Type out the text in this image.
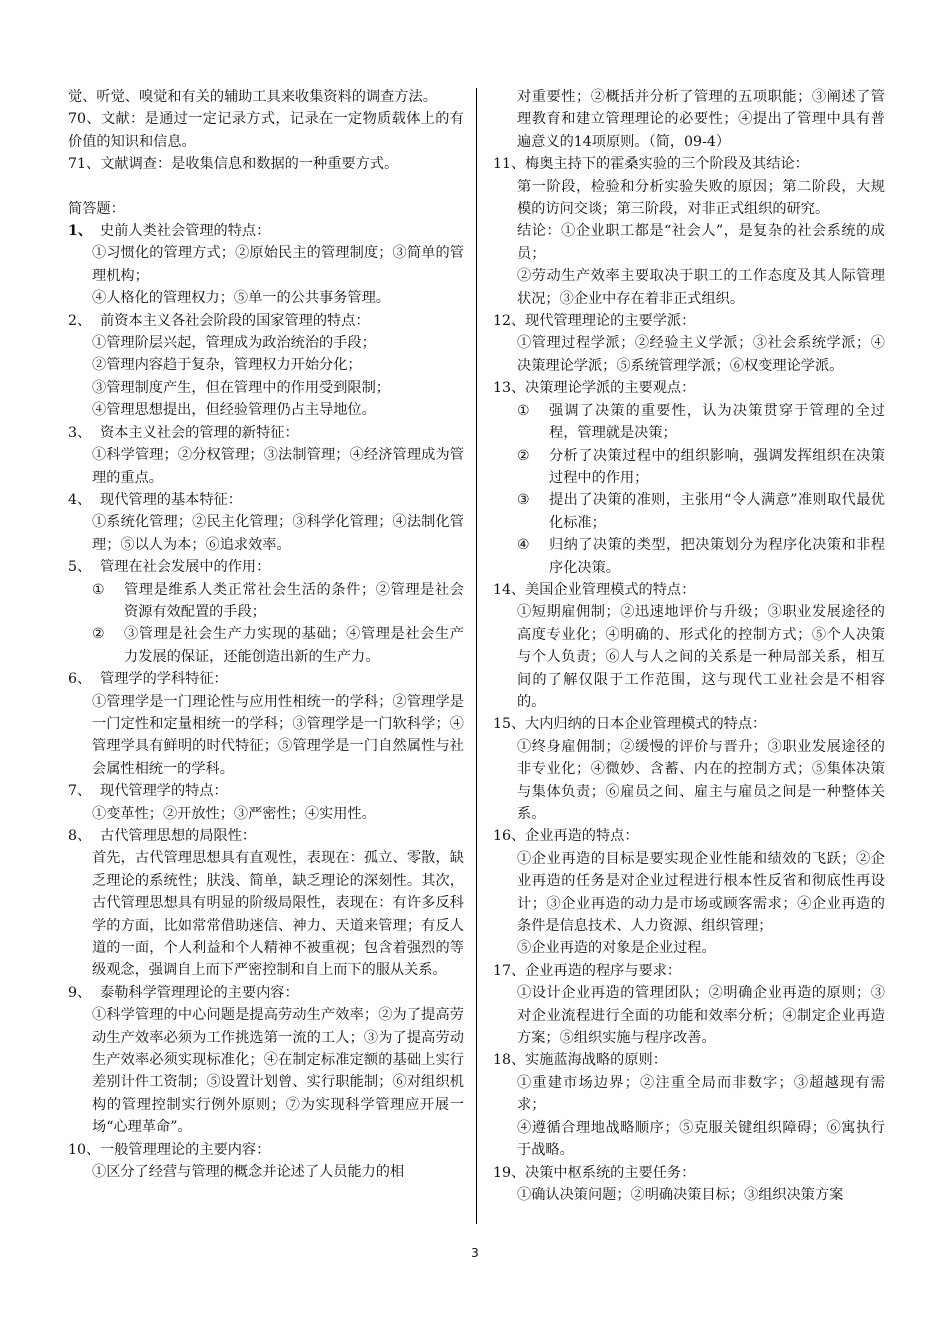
觉、听觉、嗅觉和有关的辅助工具来收集资料的调查方法。

70、文献：是通过一定记录方式，记录在一定物质载体上的有价值的知识和信息。

71、文献调查：是收集信息和数据的一种重要方式。

简答题：

1、 史前人类社会管理的特点：

①习惯化的管理方式；②原始民主的管理制度；③简单的管理机构；

④人格化的管理权力；⑤单一的公共事务管理。

2、 前资本主义各社会阶段的国家管理的特点：

①管理阶层兴起，管理成为政治统治的手段；

②管理内容趋于复杂，管理权力开始分化；

③管理制度产生，但在管理中的作用受到限制；

④管理思想提出，但经验管理仍占主导地位。

3、 资本主义社会的管理的新特征：

①科学管理；②分权管理；③法制管理；④经济管理成为管理的重点。

4、 现代管理的基本特征：

①系统化管理；②民主化管理；③科学化管理；④法制化管理；⑤以人为本；⑥追求效率。

5、 管理在社会发展中的作用：
①	管理是维系人类正常社会生活的条件；②管理是社会资源有效配置的手段；
②	③管理是社会生产力实现的基础；④管理是社会生产力发展的保证，还能创造出新的生产力。
6、 管理学的学科特征：

①管理学是一门理论性与应用性相统一的学科；②管理学是一门定性和定量相统一的学科；③管理学是一门软科学；④管理学具有鲜明的时代特征；⑤管理学是一门自然属性与社会属性相统一的学科。

7、 现代管理学的特点：

①变革性；②开放性；③严密性；④实用性。

8、 古代管理思想的局限性：

首先，古代管理思想具有直观性，表现在：孤立、零散，缺乏理论的系统性；肤浅、简单，缺乏理论的深刻性。其次，古代管理思想具有明显的阶级局限性，表现在：有许多反科学的方面，比如常常借助迷信、神力、天道来管理；有反人道的一面，个人利益和个人精神不被重视；包含着强烈的等级观念，强调自上而下严密控制和自上而下的服从关系。

9、 泰勒科学管理理论的主要内容：

①科学管理的中心问题是提高劳动生产效率；②为了提高劳动生产效率必须为工作挑选第一流的工人；③为了提高劳动生产效率必须实现标准化；④在制定标准定额的基础上实行差别计件工资制；⑤设置计划曾、实行职能制；⑥对组织机构的管理控制实行例外原则；⑦为实现科学管理应开展一场“心理革命”。

10、 一般管理理论的主要内容：

①区分了经营与管理的概念并论述了人员能力的相

对重要性；②概括并分析了管理的五项职能；③阐述了管理教育和建立管理理论的必要性；④提出了管理中具有普遍意义的14项原则。（简，09-4）

11、 梅奥主持下的霍桑实验的三个阶段及其结论：

第一阶段，检验和分析实验失败的原因；第二阶段，大规模的访问交谈；第三阶段，对非正式组织的研究。

结论：①企业职工都是“社会人”，是复杂的社会系统的成员；

②劳动生产效率主要取决于职工的工作态度及其人际管理状况；③企业中存在着非正式组织。

12、 现代管理理论的主要学派：

①管理过程学派；②经验主义学派；③社会系统学派；④决策理论学派；⑤系统管理学派；⑥权变理论学派。

13、 决策理论学派的主要观点：
①	强调了决策的重要性，认为决策贯穿于管理的全过程，管理就是决策；
②	分析了决策过程中的组织影响，强调发挥组织在决策过程中的作用；
③	提出了决策的准则，主张用“令人满意”准则取代最优化标准；
④	归纳了决策的类型，把决策划分为程序化决策和非程序化决策。
14、 美国企业管理模式的特点：

①短期雇佣制；②迅速地评价与升级；③职业发展途径的高度专业化；④明确的、形式化的控制方式；⑤个人决策与个人负责；⑥人与人之间的关系是一种局部关系，相互间的了解仅限于工作范围，这与现代工业社会是不相容的。

15、 大内归纳的日本企业管理模式的特点：

①终身雇佣制；②缓慢的评价与晋升；③职业发展途径的非专业化；④微妙、含蓄、内在的控制方式；⑤集体决策与集体负责；⑥雇员之间、雇主与雇员之间是一种整体关系。

16、 企业再造的特点：

①企业再造的目标是要实现企业性能和绩效的飞跃；②企业再造的任务是对企业过程进行根本性反省和彻底性再设计；③企业再造的动力是市场或顾客需求；④企业再造的条件是信息技术、人力资源、组织管理；

⑤企业再造的对象是企业过程。

17、 企业再造的程序与要求：

①设计企业再造的管理团队；②明确企业再造的原则；③对企业流程进行全面的功能和效率分析；④制定企业再造方案；⑤组织实施与程序改善。

18、 实施蓝海战略的原则：

①重建市场边界；②注重全局而非数字；③超越现有需求；

④遵循合理地战略顺序；⑤克服关键组织障碍；⑥寓执行于战略。

19、 决策中枢系统的主要任务：

①确认决策问题；②明确决策目标；③组织决策方案

3
